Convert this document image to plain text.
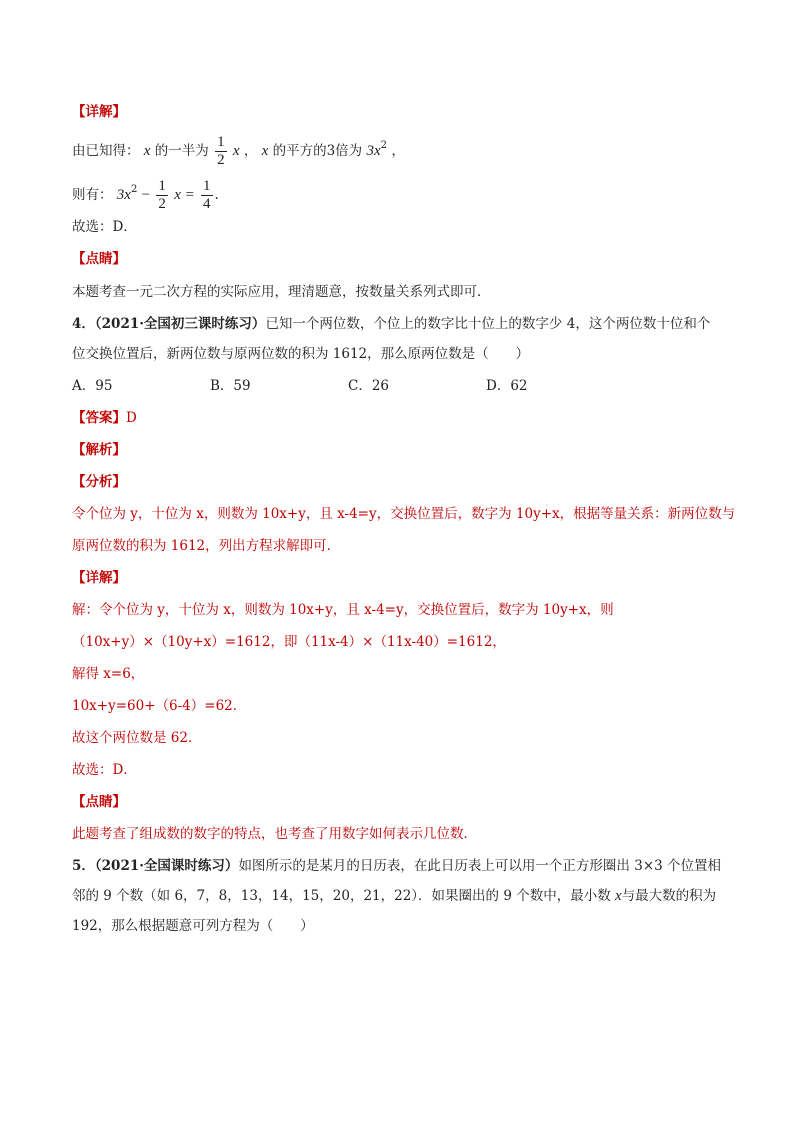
【详解】
由已知得： x 的一半为 $\frac{1}{2}$ x ， x 的平方的3倍为 $3x^2$ ，
则有： $3x^2 - \frac{1}{2}$ $x = \frac{1}{4}$ .
故选：D．
【点睛】
本题考查一元二次方程的实际应用，理清题意，按数量关系列式即可．
4．（2021·全国初三课时练习）已知一个两位数，个位上的数字比十位上的数字少 4，这个两位数十位和个
位交换位置后，新两位数与原两位数的积为 1612，那么原两位数是（　　）
A．95	B．59	C．26	D．62
【答案】D
【解析】
【分析】
令个位为 y，十位为 x，则数为 10x+y，且 x-4=y，交换位置后，数字为 10y+x，根据等量关系：新两位数与
原两位数的积为 1612，列出方程求解即可．
【详解】
解：令个位为 y，十位为 x，则数为 10x+y，且 x-4=y，交换位置后，数字为 10y+x，则
（10x+y）×（10y+x）=1612，即（11x-4）×（11x-40）=1612，
解得 x=6，
10x+y=60+（6-4）=62．
故这个两位数是 62．
故选：D．
【点睛】
此题考查了组成数的数字的特点，也考查了用数字如何表示几位数．
5．（2021·全国课时练习）如图所示的是某月的日历表，在此日历表上可以用一个正方形圈出 3×3 个位置相
邻的 9 个数（如 6，7，8，13，14，15，20，21，22）．如果圈出的 9 个数中，最小数 x与最大数的积为
192，那么根据题意可列方程为（　　）
